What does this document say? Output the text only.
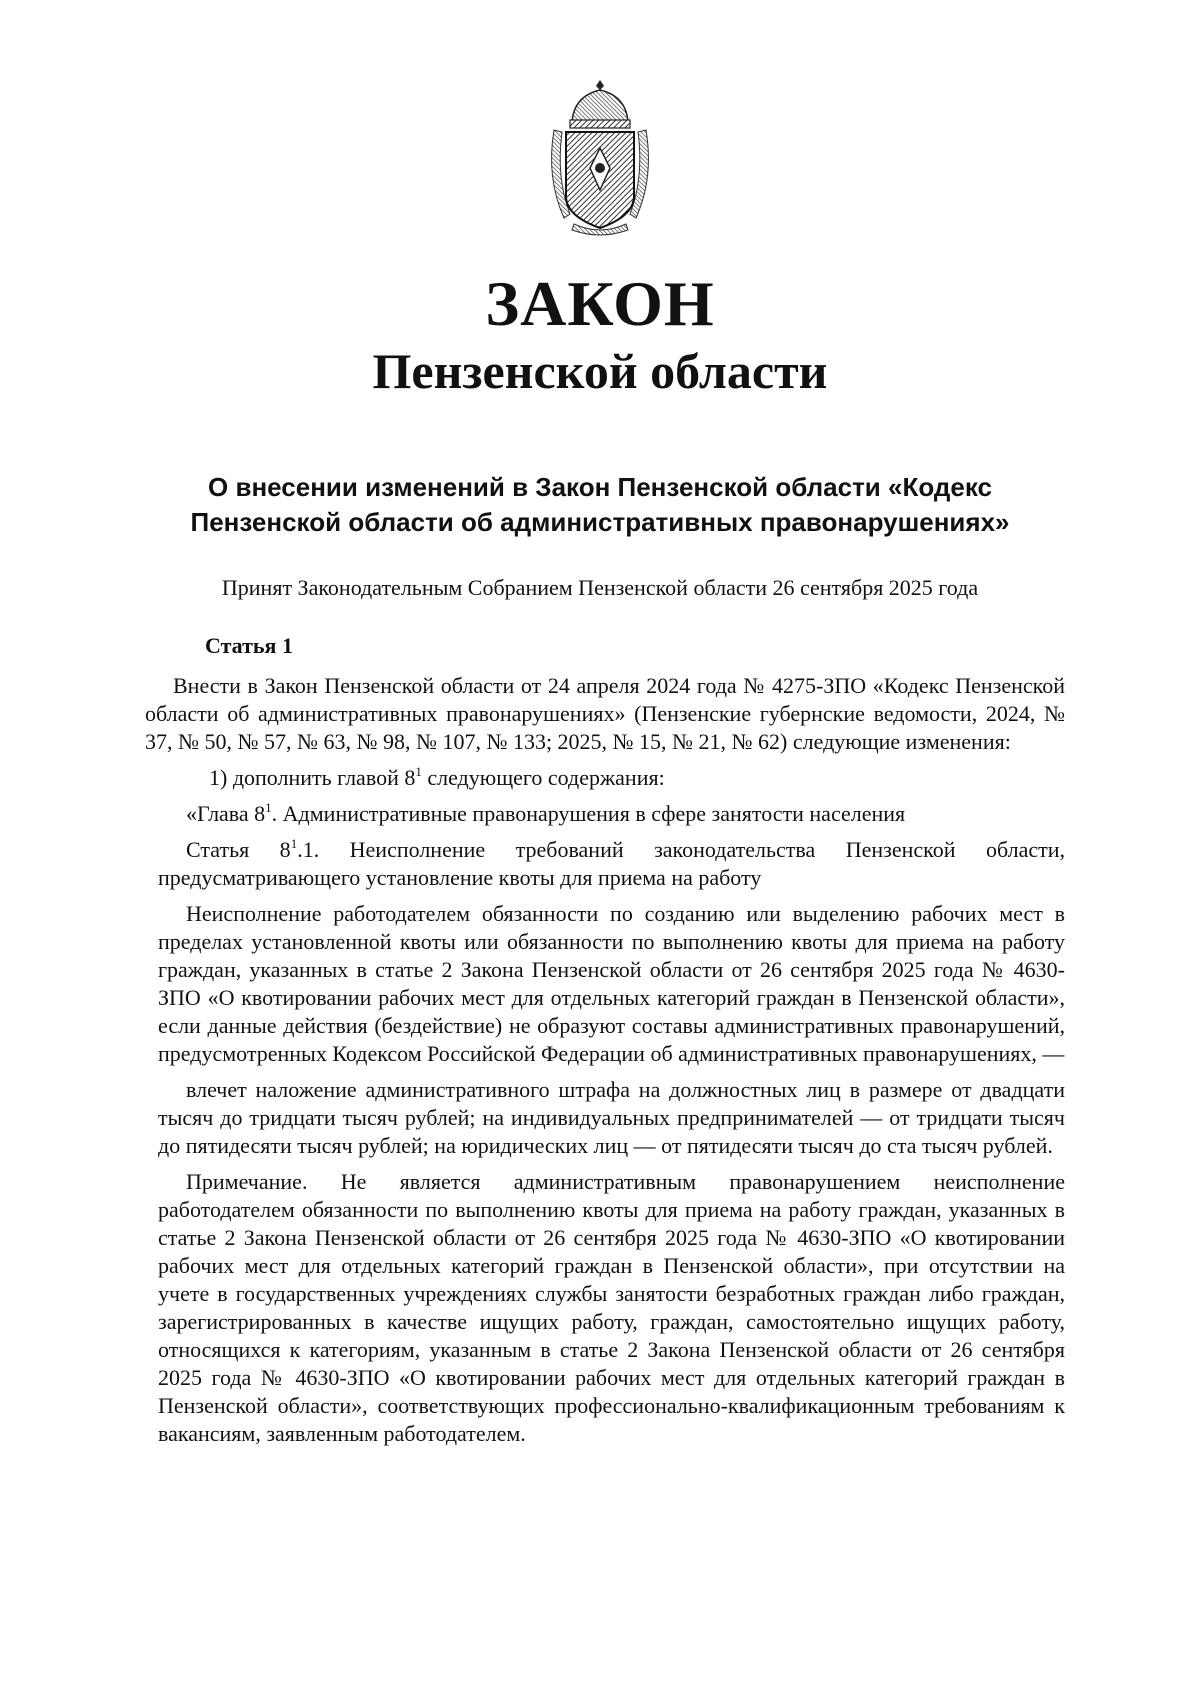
ЗАКОН
Пензенской области
О внесении изменений в Закон Пензенской области «Кодекс
Пензенской области об административных правонарушениях»

Принят Законодательным Собранием Пензенской области 26 сентября 2025 года

Статья 1

Внести в Закон Пензенской области от 24 апреля 2024 года № 4275-ЗПО «Кодекс Пензенской области об административных правонарушениях» (Пензенские губернские ведомости, 2024, № 37, № 50, № 57, № 63, № 98, № 107, № 133; 2025, № 15, № 21, № 62) следующие изменения:

1) дополнить главой $8^1$ следующего содержания:

«Глава $8^1$. Административные правонарушения в сфере занятости населения

Статья $8^1.1$. Неисполнение требований законодательства Пензенской области, предусматривающего установление квоты для приема на работу

Неисполнение работодателем обязанности по созданию или выделению рабочих мест в пределах установленной квоты или обязанности по выполнению квоты для приема на работу граждан, указанных в статье 2 Закона Пензенской области от 26 сентября 2025 года № 4630-ЗПО «О квотировании рабочих мест для отдельных категорий граждан в Пензенской области», если данные действия (бездействие) не образуют составы административных правонарушений, предусмотренных Кодексом Российской Федерации об административных правонарушениях, —

влечет наложение административного штрафа на должностных лиц в размере от двадцати тысяч до тридцати тысяч рублей; на индивидуальных предпринимателей — от тридцати тысяч до пятидесяти тысяч рублей; на юридических лиц — от пятидесяти тысяч до ста тысяч рублей.

Примечание. Не является административным правонарушением неисполнение работодателем обязанности по выполнению квоты для приема на работу граждан, указанных в статье 2 Закона Пензенской области от 26 сентября 2025 года № 4630-ЗПО «О квотировании рабочих мест для отдельных категорий граждан в Пензенской области», при отсутствии на учете в государственных учреждениях службы занятости безработных граждан либо граждан, зарегистрированных в качестве ищущих работу, граждан, самостоятельно ищущих работу, относящихся к категориям, указанным в статье 2 Закона Пензенской области от 26 сентября 2025 года № 4630-ЗПО «О квотировании рабочих мест для отдельных категорий граждан в Пензенской области», соответствующих профессионально-квалификационным требованиям к вакансиям, заявленным работодателем.
